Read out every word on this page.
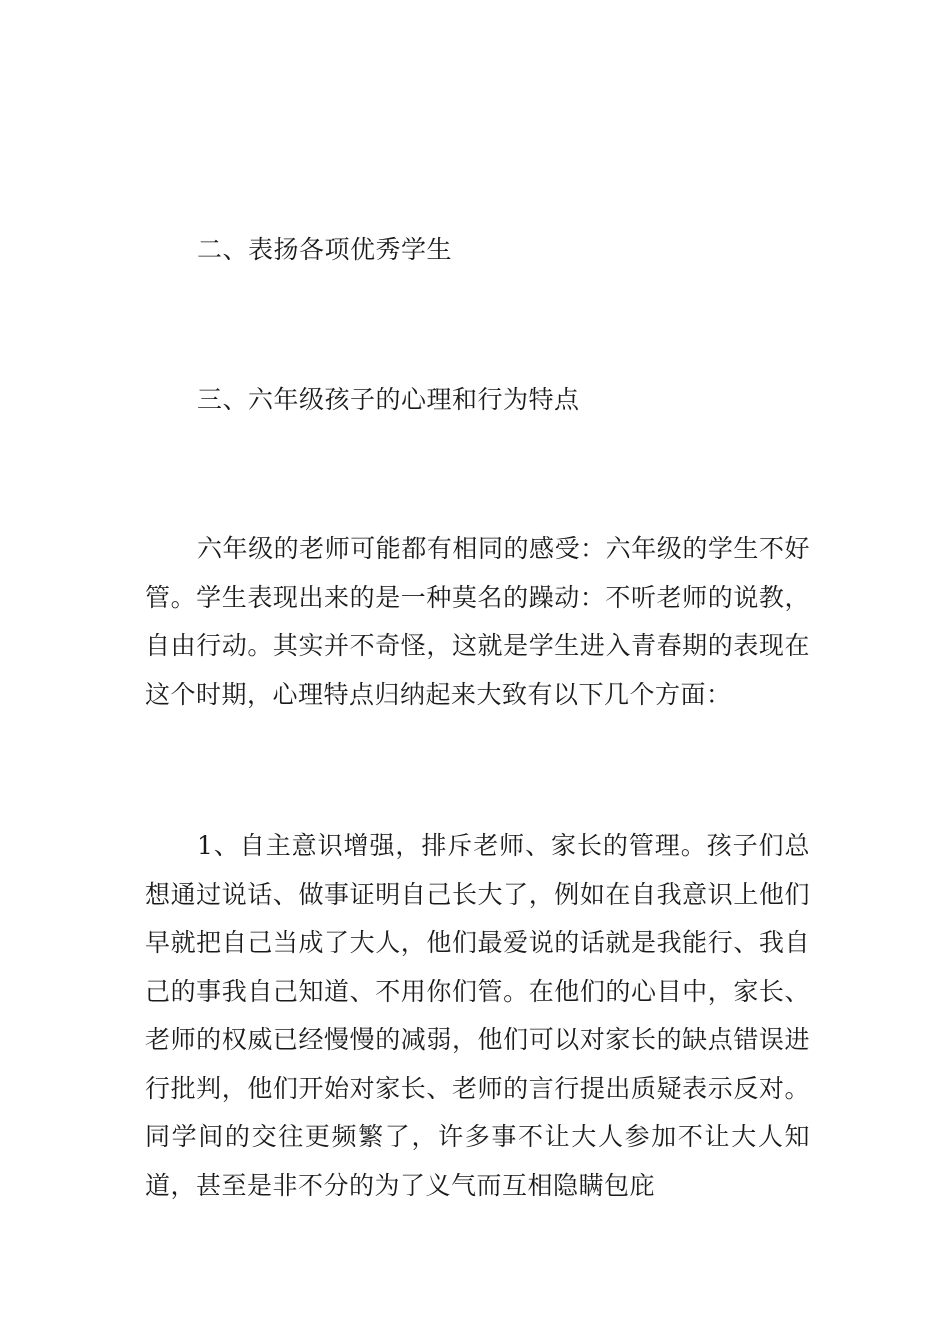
二、表扬各项优秀学生
三、六年级孩子的心理和行为特点
六年级的老师可能都有相同的感受：六年级的学生不好管。学生表现出来的是一种莫名的躁动：不听老师的说教，自由行动。其实并不奇怪，这就是学生进入青春期的表现在这个时期，心理特点归纳起来大致有以下几个方面：
1、自主意识增强，排斥老师、家长的管理。孩子们总想通过说话、做事证明自己长大了，例如在自我意识上他们早就把自己当成了大人，他们最爱说的话就是我能行、我自己的事我自己知道、不用你们管。在他们的心目中，家长、老师的权威已经慢慢的减弱，他们可以对家长的缺点错误进行批判，他们开始对家长、老师的言行提出质疑表示反对。同学间的交往更频繁了，许多事不让大人参加不让大人知道，甚至是非不分的为了义气而互相隐瞒包庇
